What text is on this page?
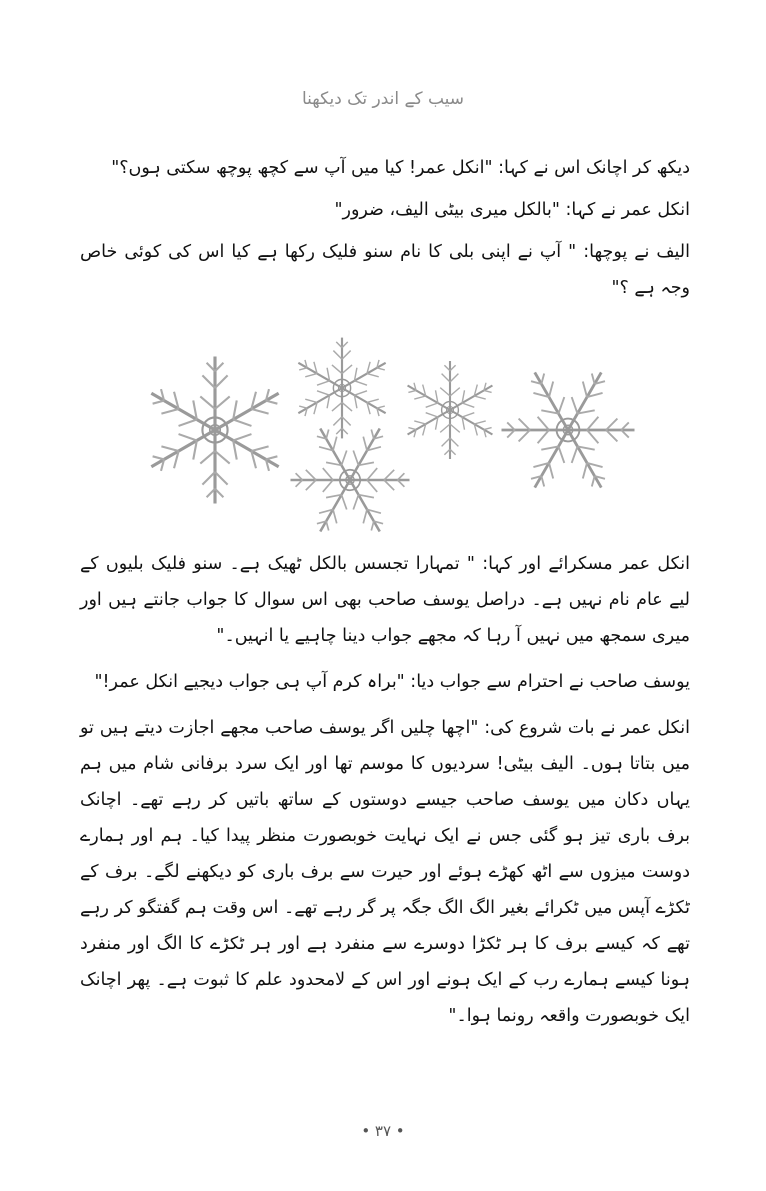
سیب کے اندر تک دیکھنا

دیکھ کر اچانک اس نے کہا: "انکل عمر! کیا میں آپ سے کچھ پوچھ سکتی ہوں؟"

انکل عمر نے کہا: "بالکل میری بیٹی الیف، ضرور"

الیف نے پوچھا: " آپ نے اپنی بلی کا نام سنو فلیک رکھا ہے کیا اس کی کوئی خاص وجہ ہے ؟"

انکل عمر مسکرائے اور کہا: " تمہارا تجسس بالکل ٹھیک ہے۔ سنو فلیک بلیوں کے لیے عام نام نہیں ہے۔ دراصل یوسف صاحب بھی اس سوال کا جواب جانتے ہیں اور میری سمجھ میں نہیں آ رہا کہ مجھے جواب دینا چاہیے یا انہیں۔"

یوسف صاحب نے احترام سے جواب دیا: "براہ کرم آپ ہی جواب دیجیے انکل عمر!"

انکل عمر نے بات شروع کی: "اچھا چلیں اگر یوسف صاحب مجھے اجازت دیتے ہیں تو میں بتاتا ہوں۔ الیف بیٹی! سردیوں کا موسم تھا اور ایک سرد برفانی شام میں ہم یہاں دکان میں یوسف صاحب جیسے دوستوں کے ساتھ باتیں کر رہے تھے۔ اچانک برف باری تیز ہو گئی جس نے ایک نہایت خوبصورت منظر پیدا کیا۔ ہم اور ہمارے دوست میزوں سے اٹھ کھڑے ہوئے اور حیرت سے برف باری کو دیکھنے لگے۔ برف کے ٹکڑے آپس میں ٹکرائے بغیر الگ الگ جگہ پر گر رہے تھے۔ اس وقت ہم گفتگو کر رہے تھے کہ کیسے برف کا ہر ٹکڑا دوسرے سے منفرد ہے اور ہر ٹکڑے کا الگ اور منفرد ہونا کیسے ہمارے رب کے ایک ہونے اور اس کے لامحدود علم کا ثبوت ہے۔ پھر اچانک ایک خوبصورت واقعہ رونما ہوا۔"

• ۳۷ •
